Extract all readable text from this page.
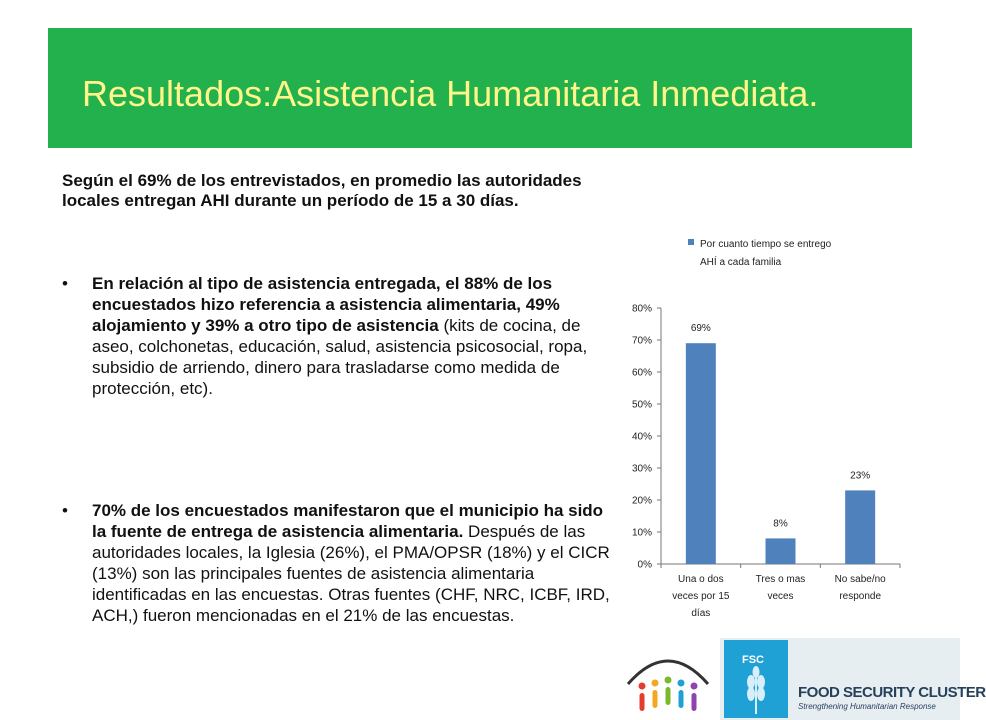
Resultados:Asistencia Humanitaria Inmediata.
Según el 69% de los entrevistados, en promedio las autoridades locales entregan AHI durante un período de 15 a 30 días.
• En relación al tipo de asistencia entregada, el 88% de los encuestados hizo referencia a asistencia alimentaria, 49% alojamiento y 39% a otro tipo de asistencia (kits de cocina, de aseo, colchonetas, educación, salud, asistencia psicosocial, ropa, subsidio de arriendo, dinero para trasladarse como medida de protección, etc).
• 70% de los encuestados manifestaron que el municipio ha sido la fuente de entrega de asistencia alimentaria. Después de las autoridades locales, la Iglesia (26%), el PMA/OPSR (18%) y el CICR (13%) son las principales fuentes de asistencia alimentaria identificadas en las encuestas. Otras fuentes (CHF, NRC, ICBF, IRD, ACH,) fueron mencionadas en el 21% de las encuestas.
Por cuanto tiempo se entrego
AHÍ a cada familia
0%
10%
20%
30%
40%
50%
60%
70%
80%
69%
Una o dos
veces por 15
días
8%
Tres o mas
veces
23%
No sabe/no
responde
FSC
FOOD SECURITY CLUSTER
Strengthening Humanitarian Response
